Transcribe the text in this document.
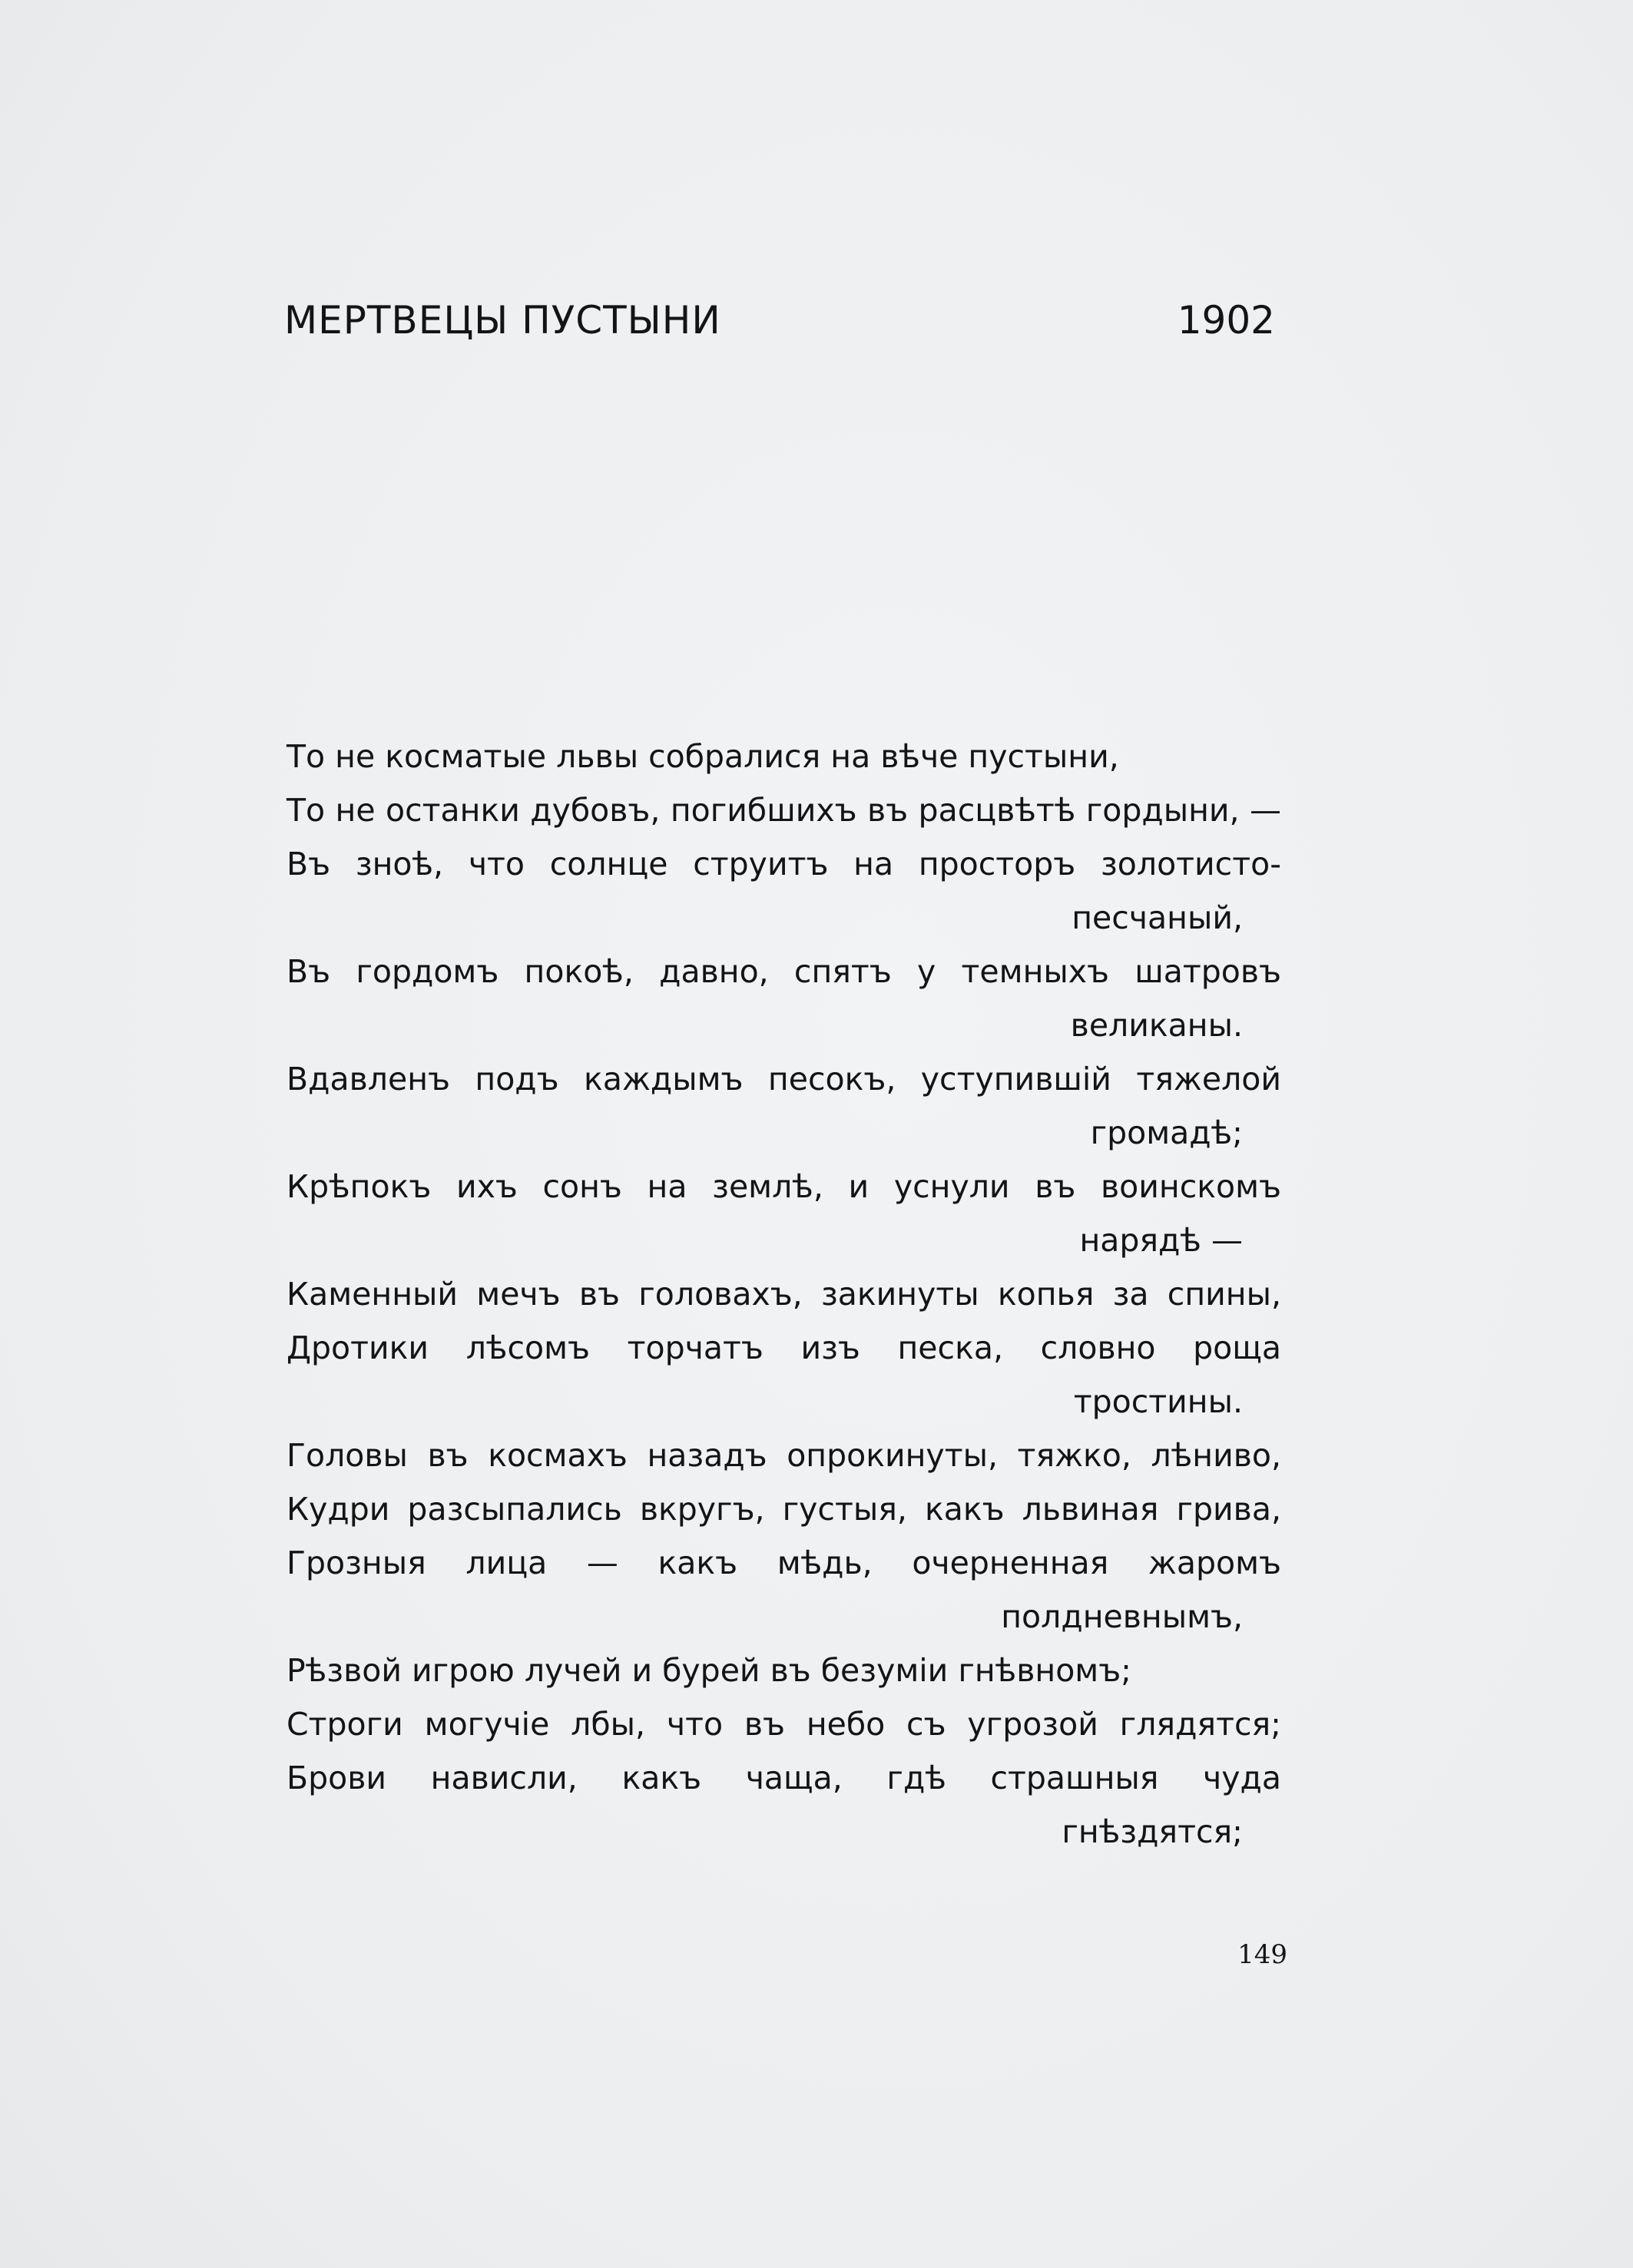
МЕРТВЕЦЫ ПУСТЫНИ	1902
То не косматые львы собралися на вѣче пустыни,
То не останки дубовъ, погибшихъ въ расцвѣтѣ гордыни, —
Въ зноѣ, что солнце струитъ на просторъ золотисто-
песчаный,
Въ гордомъ покоѣ, давно, спятъ у темныхъ шатровъ
великаны.
Вдавленъ подъ каждымъ песокъ, уступившій тяжелой
громадѣ;
Крѣпокъ ихъ сонъ на землѣ, и уснули въ воинскомъ
нарядѣ —
Каменный мечъ въ головахъ, закинуты копья за спины,
Дротики лѣсомъ торчатъ изъ песка, словно роща
тростины.
Головы въ космахъ назадъ опрокинуты, тяжко, лѣниво,
Кудри разсыпались вкругъ, густыя, какъ львиная грива,
Грозныя лица — какъ мѣдь, очерненная жаромъ
полдневнымъ,
Рѣзвой игрою лучей и бурей въ безуміи гнѣвномъ;
Строги могучіе лбы, что въ небо съ угрозой глядятся;
Брови нависли, какъ чаща, гдѣ страшныя чуда
гнѣздятся;
149
